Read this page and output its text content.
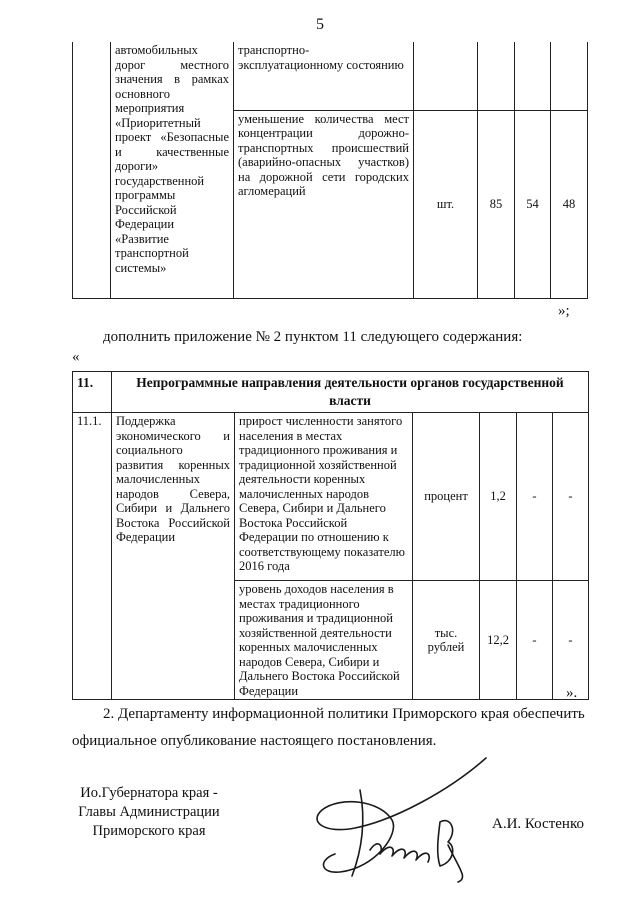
5
	автомобильных дорог местного значения в рамках основного мероприятия «Приоритетный проект «Безопасные и качественные дороги» государственной программы Российской Федерации «Развитие транспортной системы»	транспортно-эксплуатационному состоянию				
		уменьшение количества мест концентрации дорожно-транспортных происшествий (аварийно-опасных участков) на дорожной сети городских агломераций	шт.	85	54	48
»;
дополнить приложение № 2 пунктом 11 следующего содержания:
«
11.	Непрограммные направления деятельности органов государственной власти					
11.1.	Поддержка экономического и социального развития коренных малочисленных народов Севера, Сибири и Дальнего Востока Российской Федерации	прирост численности занятого населения в местах традиционного проживания и традиционной хозяйственной деятельности коренных малочисленных народов Севера, Сибири и Дальнего Востока Российской Федерации по отношению к соответствующему показателю 2016 года	процент	1,2	-	-
		уровень доходов населения в местах традиционного проживания и традиционной хозяйственной деятельности коренных малочисленных народов Севера, Сибири и Дальнего Востока Российской Федерации	тыс. рублей	12,2	-	-
».
2. Департаменту информационной политики Приморского края обеспечить
официальное опубликование настоящего постановления.
Ио.Губернатора края - Главы Администрации Приморского края	А.И. Костенко
